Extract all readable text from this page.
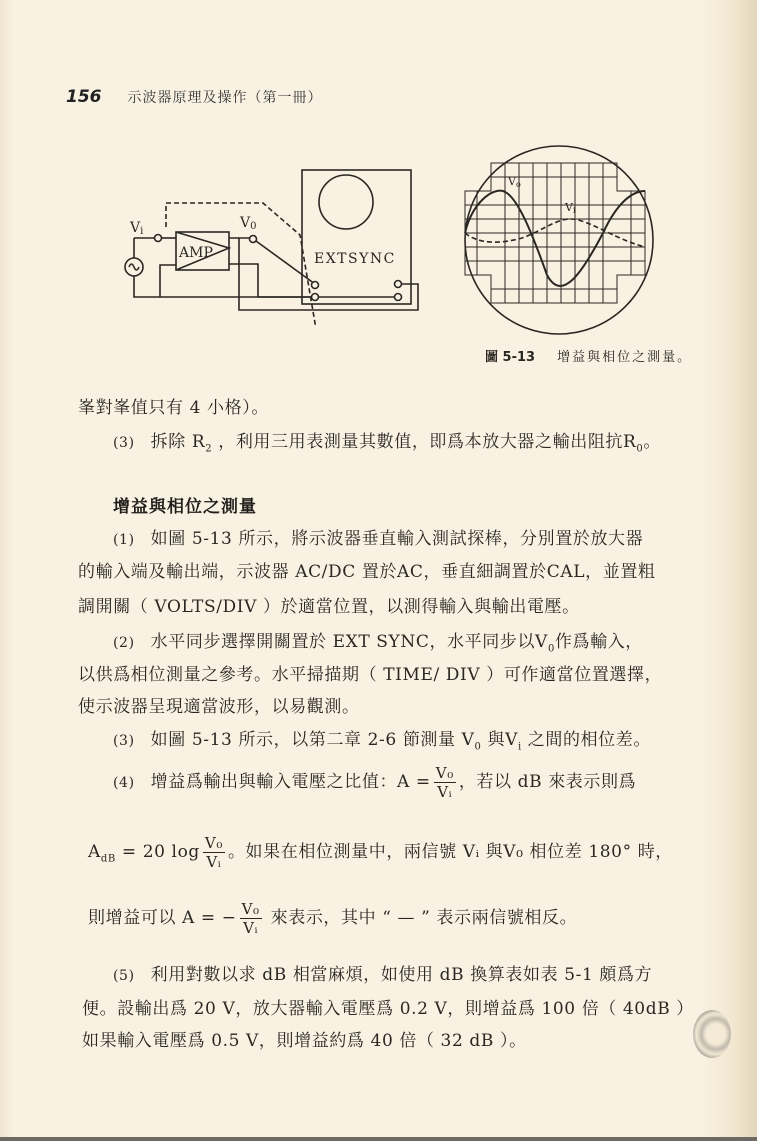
156 示波器原理及操作（第一冊）
Vi
V0
AMP	EXTSYNC
Vo
Vi
圖 5-13 增益與相位之測量。
峯對峯值只有 4 小格）。
(3) 拆除 $R_2$ ，利用三用表測量其數值，即爲本放大器之輸出阻抗$R_0$。
增益與相位之測量
(1) 如圖 5-13 所示，將示波器垂直輸入測試探棒，分別置於放大器
的輸入端及輸出端，示波器 AC/DC 置於AC，垂直細調置於CAL，並置粗
調開關（ VOLTS/DIV ）於適當位置，以測得輸入與輸出電壓。
(2) 水平同步選擇開關置於 EXT SYNC，水平同步以$V_0$作爲輸入，
以供爲相位測量之參考。水平掃描期（ TIME/ DIV ）可作適當位置選擇，
使示波器呈現適當波形，以易觀測。
(3) 如圖 5-13 所示，以第二章 2-6 節測量 $V_0$ 與$V_i$ 之間的相位差。
(4) 增益爲輸出與輸入電壓之比值：$A = \frac{\text{V₀}}{\text{Vᵢ}}$ ，若以 dB 來表示則爲
$A_{dB} = 20$ $\log \frac{\text{V₀}}{\text{Vᵢ}}$ 。如果在相位測量中，兩信號 Vᵢ 與V₀ 相位差 180° 時，
則增益可以 A = − $\frac{\text{V₀}}{\text{Vᵢ}}$ 來表示，其中 “ — ” 表示兩信號相反。
(5) 利用對數以求 dB 相當麻煩，如使用 dB 換算表如表 5-1 頗爲方
便。設輸出爲 20 V，放大器輸入電壓爲 0.2 V，則增益爲 100 倍（ 40dB ）
如果輸入電壓爲 0.5 V，則增益約爲 40 倍（ 32 dB ）。
